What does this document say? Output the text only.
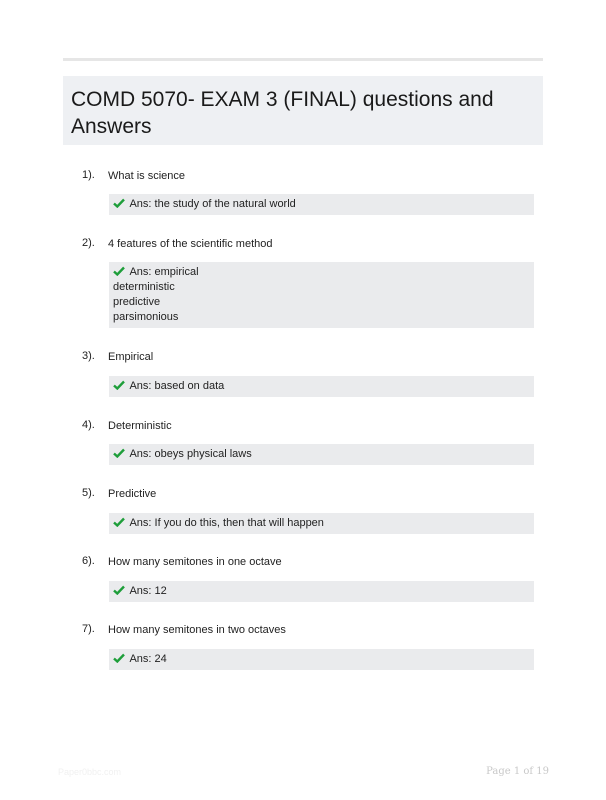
COMD 5070- EXAM 3 (FINAL) questions and Answers
1). What is science
Ans: the study of the natural world
2). 4 features of the scientific method
Ans: empirical
deterministic
predictive
parsimonious
3). Empirical
Ans: based on data
4). Deterministic
Ans: obeys physical laws
5). Predictive
Ans: If you do this, then that will happen
6). How many semitones in one octave
Ans: 12
7). How many semitones in two octaves
Ans: 24
Paper0bbc.com	Page 1 of 19
